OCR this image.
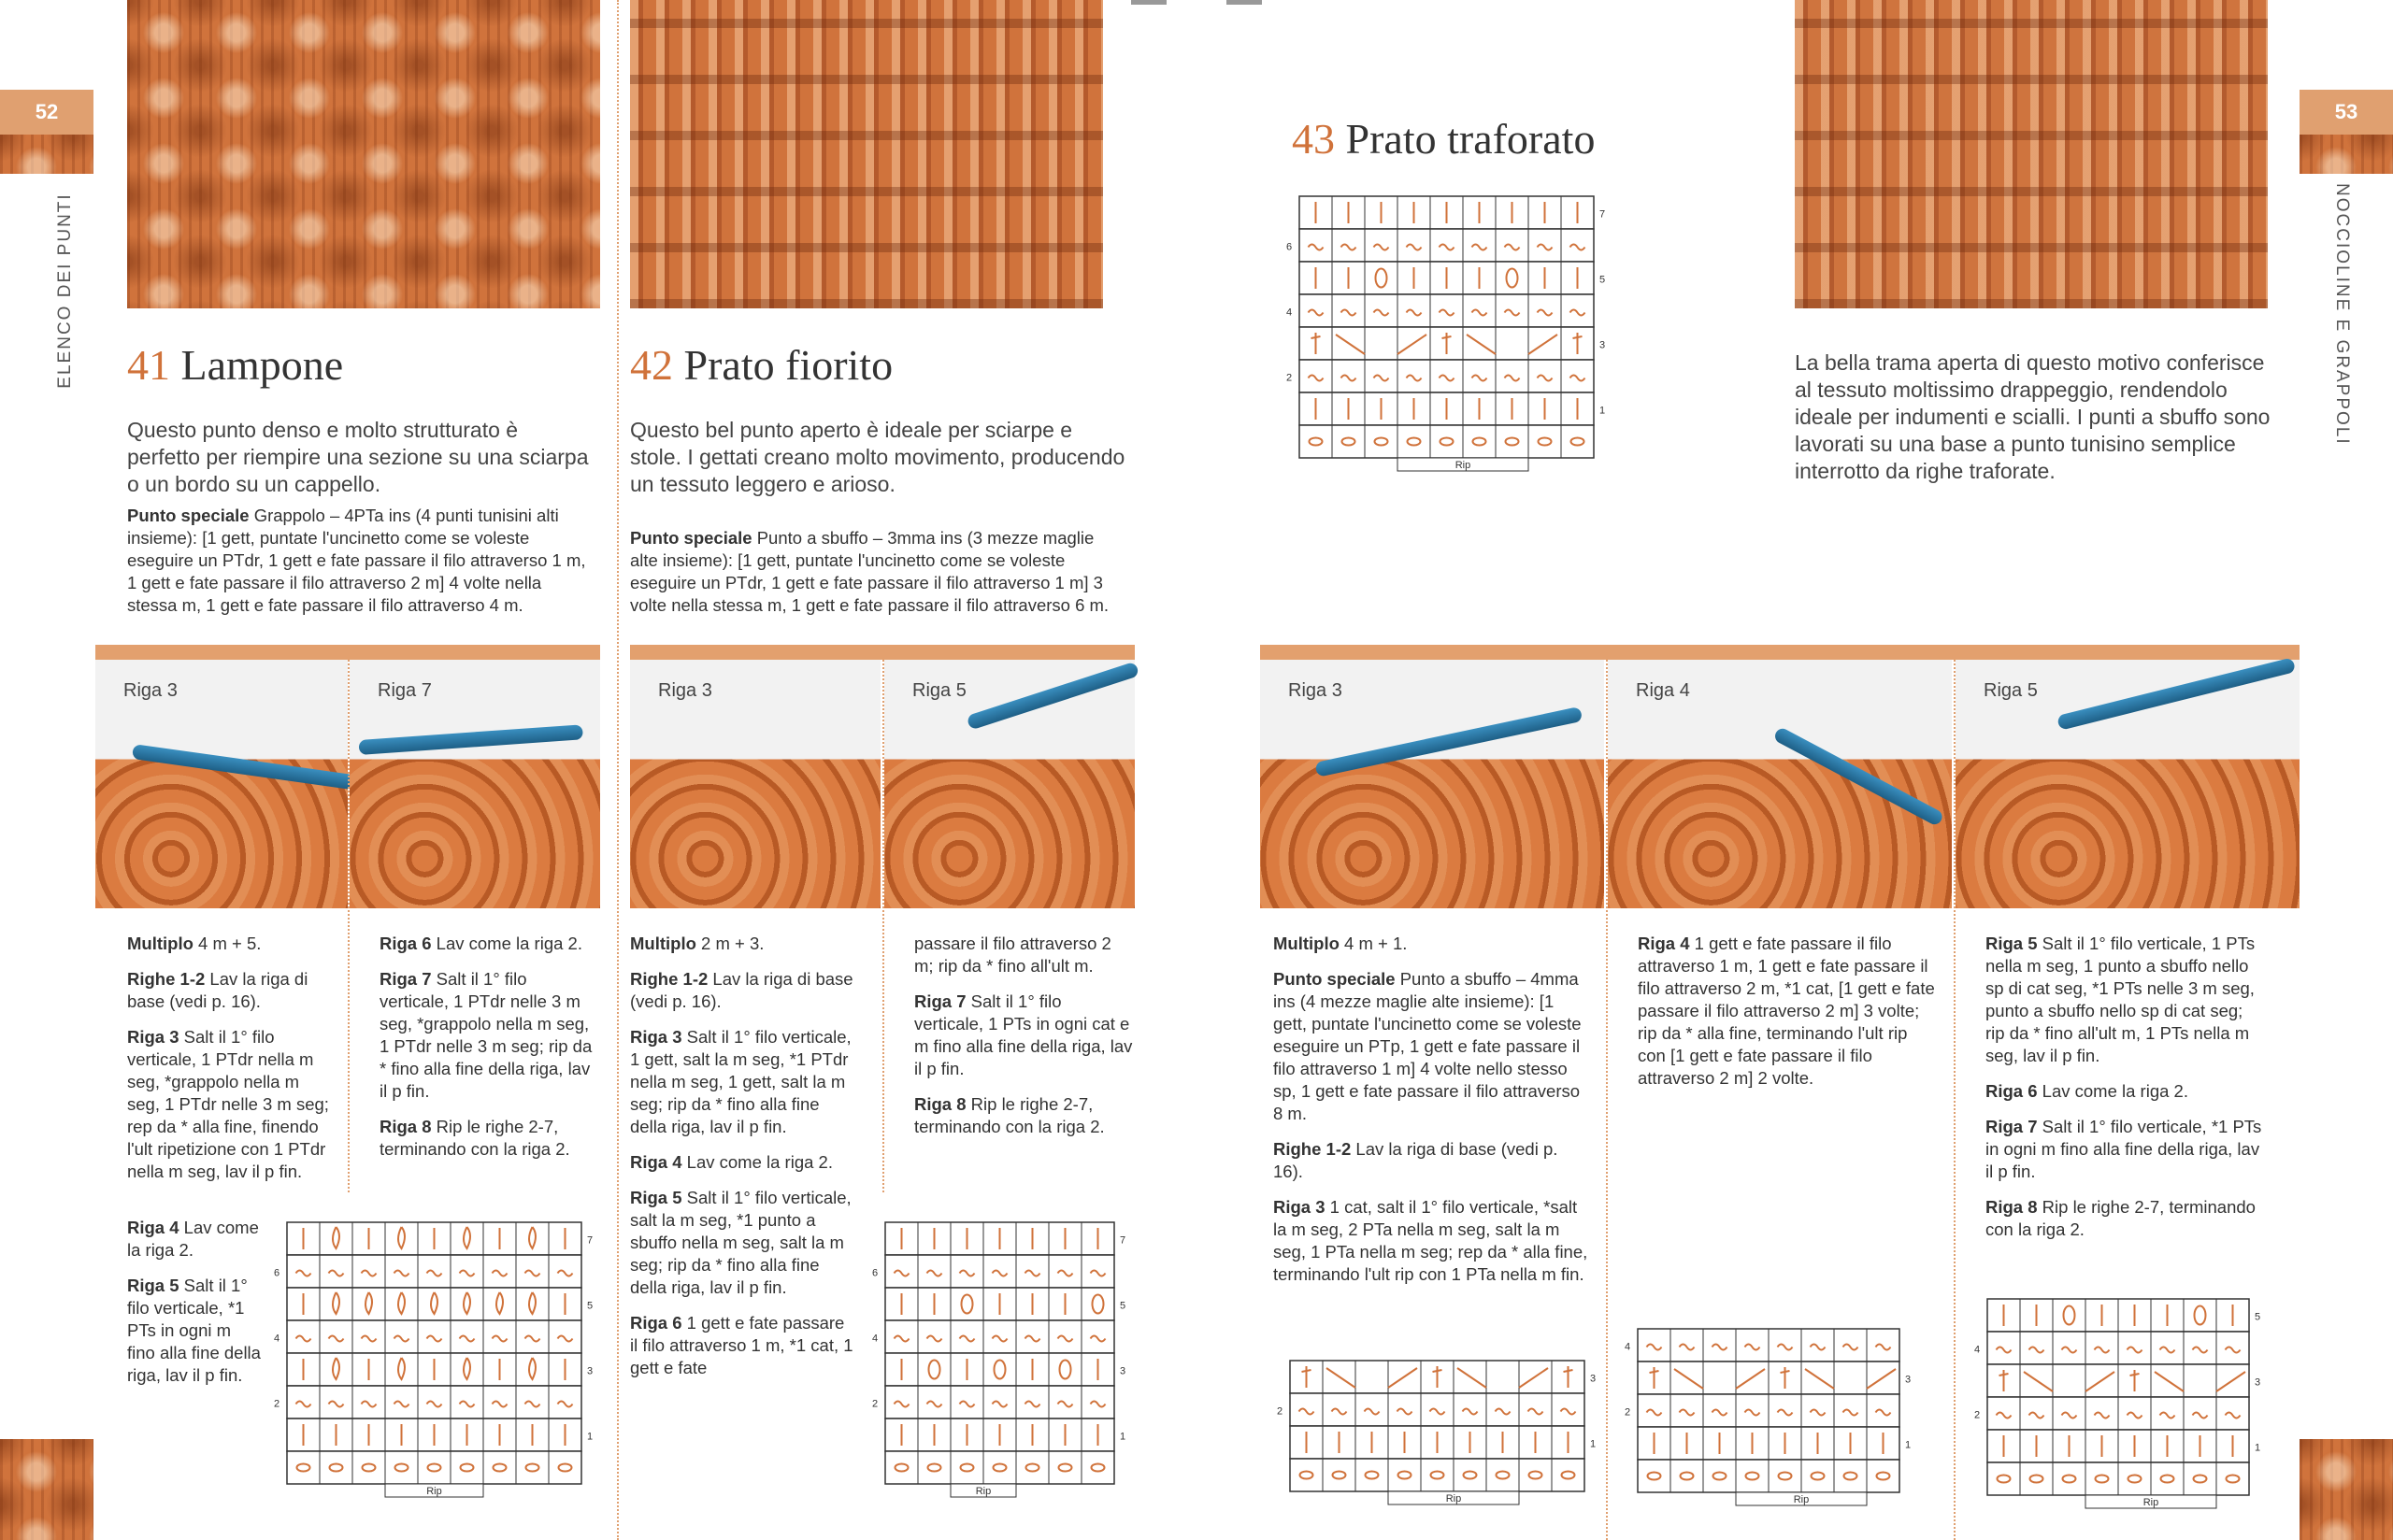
52
ELENCO DEI PUNTI
53
NOCCIOLINE E GRAPPOLI
41 Lampone
Questo punto denso e molto strutturato è perfetto per riempire una sezione su una sciarpa o un bordo su un cappello.
Punto speciale Grappolo – 4PTa ins (4 punti tunisini alti insieme): [1 gett, puntate l'uncinetto come se voleste eseguire un PTdr, 1 gett e fate passare il filo attraverso 1 m, 1 gett e fate passare il filo attraverso 2 m] 4 volte nella stessa m, 1 gett e fate passare il filo attraverso 4 m.
Riga 3	Riga 7
Multiplo 4 m + 5.
Righe 1-2 Lav la riga di base (vedi p. 16).
Riga 3 Salt il 1° filo verticale, 1 PTdr nella m seg, *grappolo nella m seg, 1 PTdr nelle 3 m seg; rep da * alla fine, finendo l'ult ripetizione con 1 PTdr nella m seg, lav il p fin.
Riga 4 Lav come la riga 2.
Riga 5 Salt il 1° filo verticale, *1 PTs in ogni m fino alla fine della riga, lav il p fin.
Riga 6 Lav come la riga 2.
Riga 7 Salt il 1° filo verticale, 1 PTdr nelle 3 m seg, *grappolo nella m seg, 1 PTdr nelle 3 m seg; rip da * fino alla fine della riga, lav il p fin.
Riga 8 Rip le righe 2-7, terminando con la riga 2.
7
6
5
4
3
2
1
Rip
42 Prato fiorito
Questo bel punto aperto è ideale per sciarpe e stole. I gettati creano molto movimento, producendo un tessuto leggero e arioso.
Punto speciale Punto a sbuffo – 3mma ins (3 mezze maglie alte insieme): [1 gett, puntate l'uncinetto come se voleste eseguire un PTdr, 1 gett e fate passare il filo attraverso 1 m] 3 volte nella stessa m, 1 gett e fate passare il filo attraverso 6 m.
Riga 3	Riga 5
Multiplo 2 m + 3.
Righe 1-2 Lav la riga di base (vedi p. 16).
Riga 3 Salt il 1° filo verticale, 1 gett, salt la m seg, *1 PTdr nella m seg, 1 gett, salt la m seg; rip da * fino alla fine della riga, lav il p fin.
Riga 4 Lav come la riga 2.
Riga 5 Salt il 1° filo verticale, salt la m seg, *1 punto a sbuffo nella m seg, salt la m seg; rip da * fino alla fine della riga, lav il p fin.
Riga 6 1 gett e fate passare il filo attraverso 1 m, *1 cat, 1 gett e fate
passare il filo attraverso 2 m; rip da * fino all'ult m.
Riga 7 Salt il 1° filo verticale, 1 PTs in ogni cat e m fino alla fine della riga, lav il p fin.
Riga 8 Rip le righe 2-7, terminando con la riga 2.
7
6
5
4
3
2
1
Rip
43 Prato traforato
7
6
5
4
3
2
1
Rip
La bella trama aperta di questo motivo conferisce al tessuto moltissimo drappeggio, rendendolo ideale per indumenti e scialli. I punti a sbuffo sono lavorati su una base a punto tunisino semplice interrotto da righe traforate.
Riga 3	Riga 4	Riga 5
Multiplo 4 m + 1.
Punto speciale Punto a sbuffo – 4mma ins (4 mezze maglie alte insieme): [1 gett, puntate l'uncinetto come se voleste eseguire un PTp, 1 gett e fate passare il filo attraverso 1 m] 4 volte nello stesso sp, 1 gett e fate passare il filo attraverso 8 m.
Righe 1-2 Lav la riga di base (vedi p. 16).
Riga 3 1 cat, salt il 1° filo verticale, *salt la m seg, 2 PTa nella m seg, salt la m seg, 1 PTa nella m seg; rep da * alla fine, terminando l'ult rip con 1 PTa nella m fin.
Riga 4 1 gett e fate passare il filo attraverso 1 m, 1 gett e fate passare il filo attraverso 2 m, *1 cat, [1 gett e fate passare il filo attraverso 2 m] 3 volte; rip da * alla fine, terminando l'ult rip con [1 gett e fate passare il filo attraverso 2 m] 2 volte.
Riga 5 Salt il 1° filo verticale, 1 PTs nella m seg, 1 punto a sbuffo nello sp di cat seg, *1 PTs nelle 3 m seg, punto a sbuffo nello sp di cat seg; rip da * fino all'ult m, 1 PTs nella m seg, lav il p fin.
Riga 6 Lav come la riga 2.
Riga 7 Salt il 1° filo verticale, *1 PTs in ogni m fino alla fine della riga, lav il p fin.
Riga 8 Rip le righe 2-7, terminando con la riga 2.
3
2
1
Rip
4
3
2
1
Rip
5
4
3
2
1
Rip
